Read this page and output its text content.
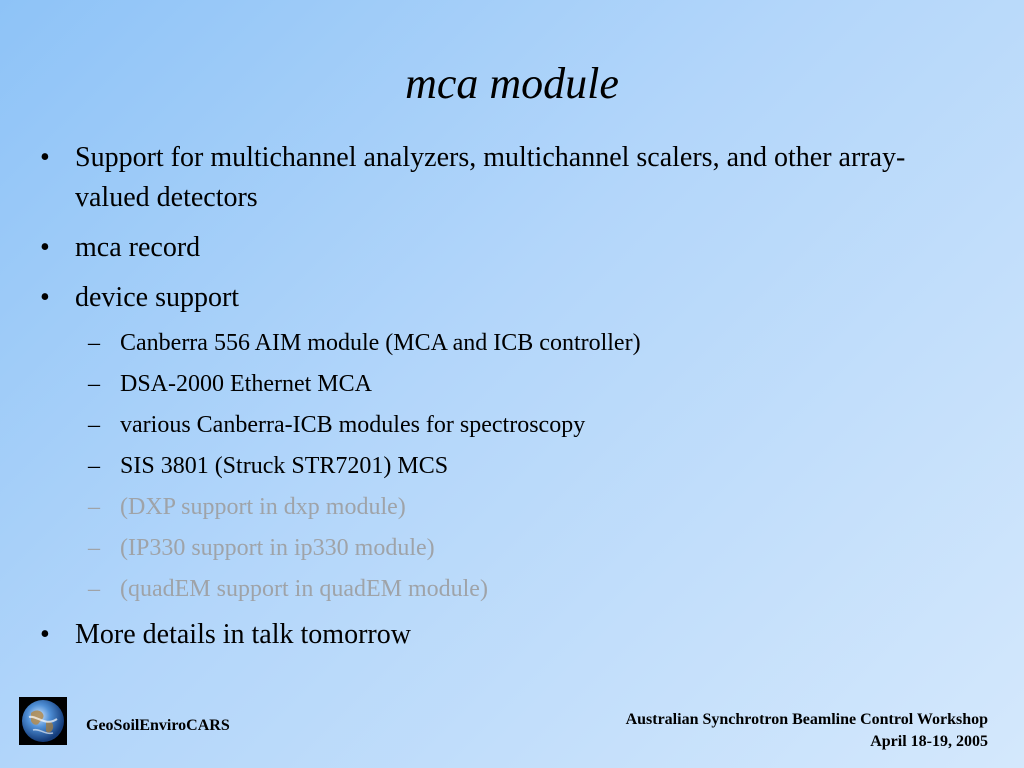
mca module
• Support for multichannel analyzers, multichannel scalers, and other array-valued detectors
• mca record
• device support
– Canberra 556 AIM module (MCA and ICB controller)
– DSA-2000 Ethernet MCA
– various Canberra-ICB modules for spectroscopy
– SIS 3801 (Struck STR7201) MCS
– (DXP support in dxp module)
– (IP330 support in ip330 module)
– (quadEM support in quadEM module)
• More details in talk tomorrow
GeoSoilEnviroCARS	Australian Synchrotron Beamline Control Workshop
April 18-19, 2005
